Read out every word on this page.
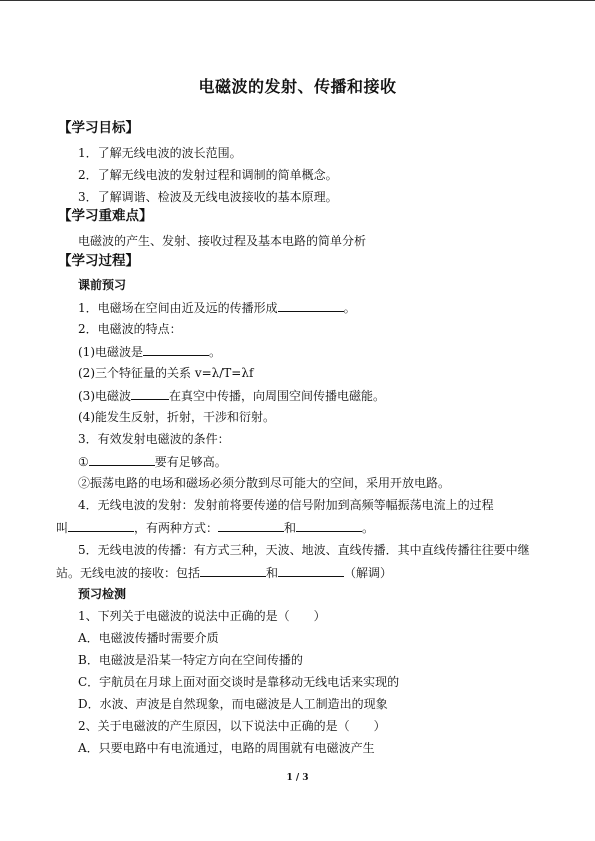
电磁波的发射、传播和接收
【学习目标】
1．了解无线电波的波长范围。
2．了解无线电波的发射过程和调制的简单概念。
3．了解调谐、检波及无线电波接收的基本原理。
【学习重难点】
电磁波的产生、发射、接收过程及基本电路的简单分析
【学习过程】
课前预习
1．电磁场在空间由近及远的传播形成	。
2．电磁波的特点：
(1)电磁波是	。
(2)三个特征量的关系 v=λ/T=λf
(3)电磁波	在真空中传播，向周围空间传播电磁能。
(4)能发生反射，折射，干涉和衍射。
3．有效发射电磁波的条件：
①	要有足够高。
②振荡电路的电场和磁场必须分散到尽可能大的空间，采用开放电路。
4．无线电波的发射：发射前将要传递的信号附加到高频等幅振荡电流上的过程
叫	，有两种方式：	和	。
5．无线电波的传播：有方式三种，天波、地波、直线传播．其中直线传播往往要中继
站。无线电波的接收：包括	和	（解调）
预习检测
1、下列关于电磁波的说法中正确的是（　　）
A．电磁波传播时需要介质
B．电磁波是沿某一特定方向在空间传播的
C．宇航员在月球上面对面交谈时是靠移动无线电话来实现的
D．水波、声波是自然现象，而电磁波是人工制造出的现象
2、关于电磁波的产生原因，以下说法中正确的是（　　）
A．只要电路中有电流通过，电路的周围就有电磁波产生
1 / 3
